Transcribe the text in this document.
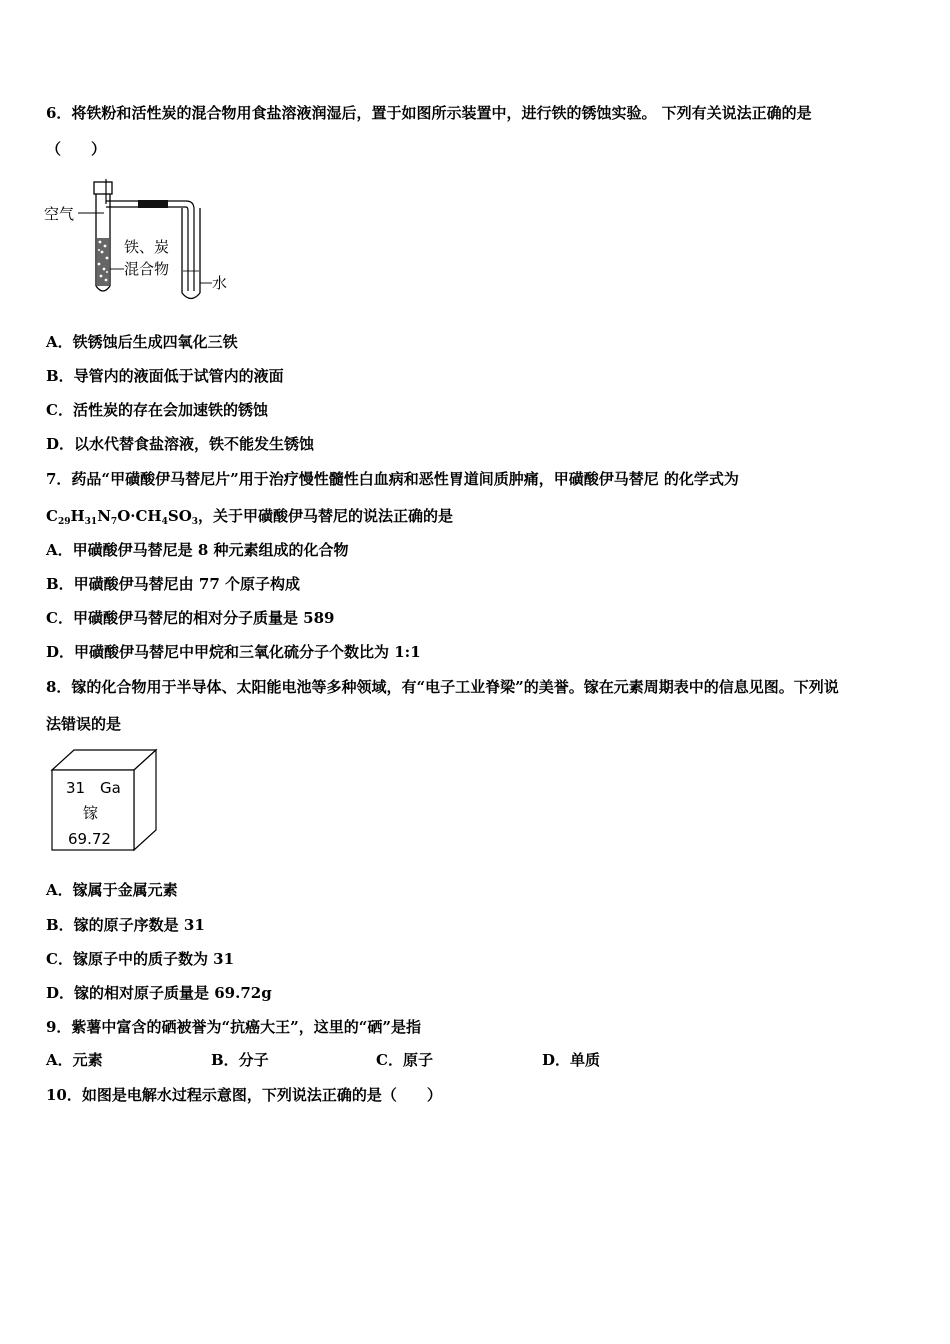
6．将铁粉和活性炭的混合物用食盐溶液润湿后，置于如图所示装置中，进行铁的锈蚀实验。 下列有关说法正确的是
（　　）
空气
铁、炭
混合物
水
A．铁锈蚀后生成四氧化三铁
B．导管内的液面低于试管内的液面
C．活性炭的存在会加速铁的锈蚀
D．以水代替食盐溶液，铁不能发生锈蚀
7．药品“甲磺酸伊马替尼片”用于治疗慢性髓性白血病和恶性胃道间质肿痛，甲磺酸伊马替尼 的化学式为
$C_{29}H_{31}N_7O\cdot CH_4SO_3$，关于甲磺酸伊马替尼的说法正确的是
A．甲磺酸伊马替尼是 8 种元素组成的化合物
B．甲磺酸伊马替尼由 77 个原子构成
C．甲磺酸伊马替尼的相对分子质量是 589
D．甲磺酸伊马替尼中甲烷和三氧化硫分子个数比为 1:1
8．镓的化合物用于半导体、太阳能电池等多种领域，有“电子工业脊梁”的美誉。镓在元素周期表中的信息见图。下列说
法错误的是
31 Ga
镓
69.72
A．镓属于金属元素
B．镓的原子序数是 31
C．镓原子中的质子数为 31
D．镓的相对原子质量是 69.72g
9．紫薯中富含的硒被誉为“抗癌大王”，这里的“硒”是指
A．元素	B．分子	C．原子	D．单质
10．如图是电解水过程示意图，下列说法正确的是（　　）
